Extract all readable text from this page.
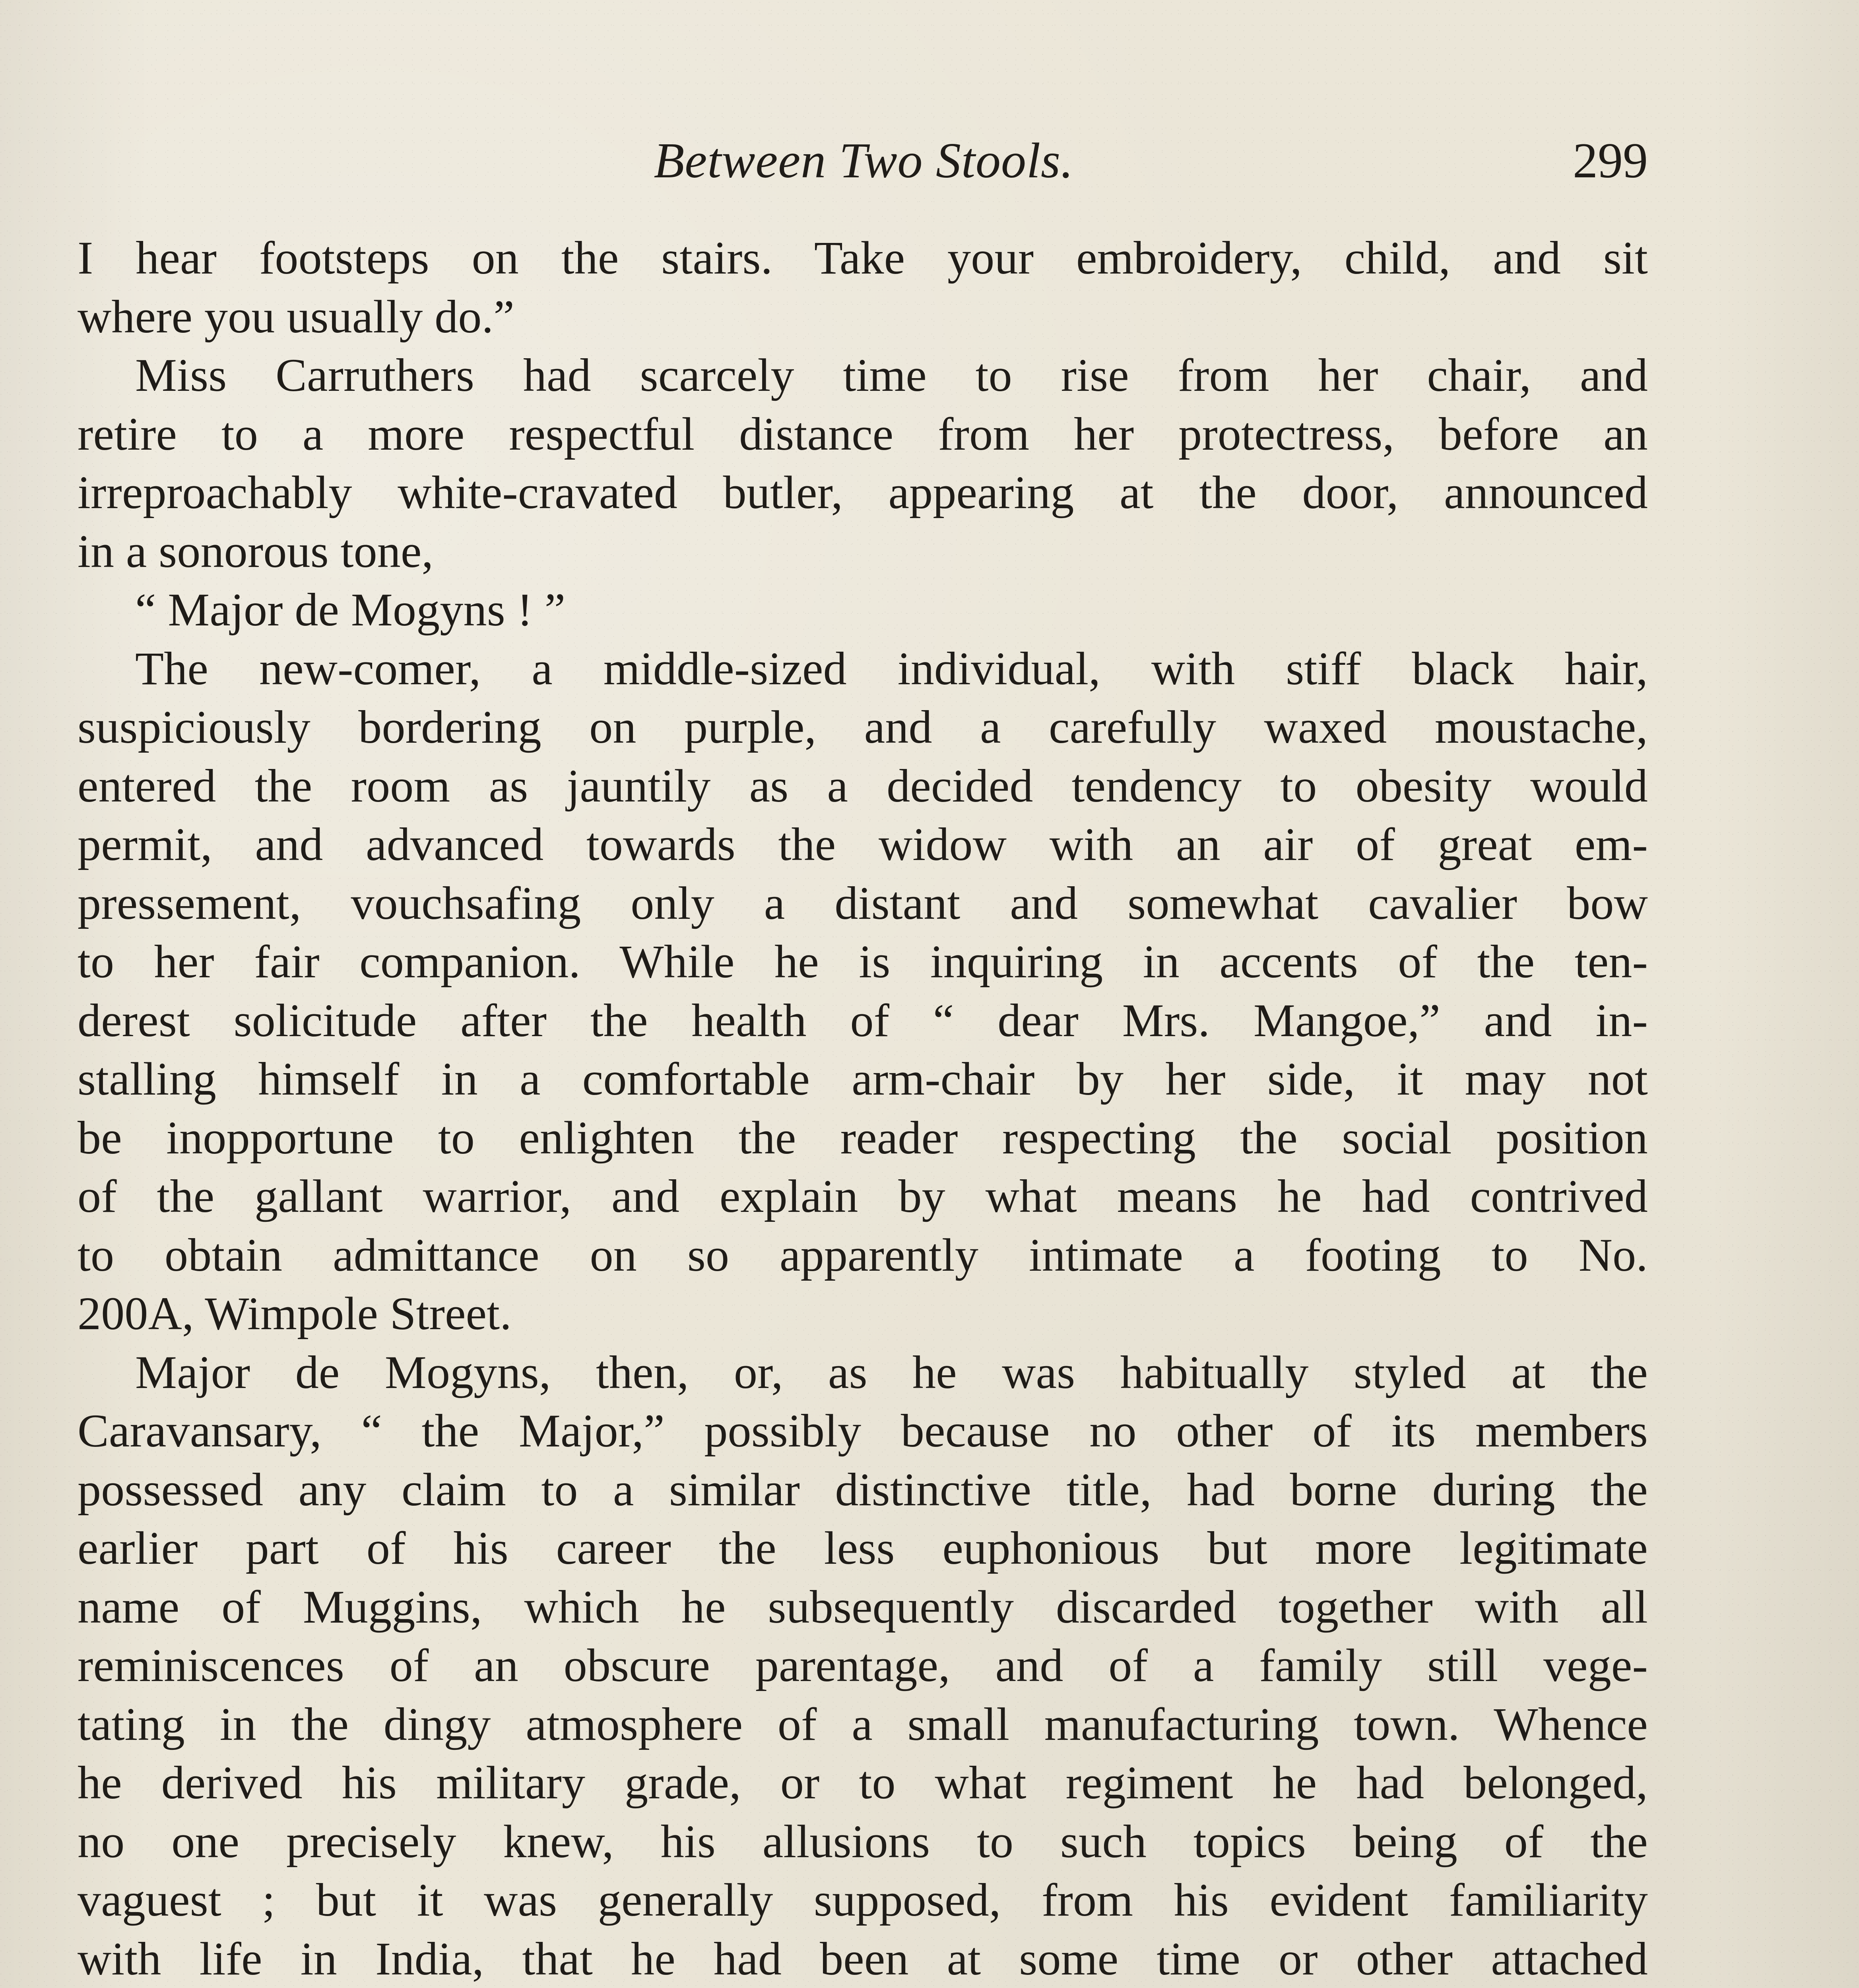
Between Two Stools.	299
I hear footsteps on the stairs. Take your embroidery, child, and sit
where you usually do.”
Miss Carruthers had scarcely time to rise from her chair, and
retire to a more respectful distance from her protectress, before an
irreproachably white-cravated butler, appearing at the door, announced
in a sonorous tone,
“ Major de Mogyns ! ”
The new-comer, a middle-sized individual, with stiff black hair,
suspiciously bordering on purple, and a carefully waxed moustache,
entered the room as jauntily as a decided tendency to obesity would
permit, and advanced towards the widow with an air of great em-
pressement, vouchsafing only a distant and somewhat cavalier bow
to her fair companion. While he is inquiring in accents of the ten-
derest solicitude after the health of “ dear Mrs. Mangoe,” and in-
stalling himself in a comfortable arm-chair by her side, it may not
be inopportune to enlighten the reader respecting the social position
of the gallant warrior, and explain by what means he had contrived
to obtain admittance on so apparently intimate a footing to No.
200A, Wimpole Street.
Major de Mogyns, then, or, as he was habitually styled at the
Caravansary, “ the Major,” possibly because no other of its members
possessed any claim to a similar distinctive title, had borne during the
earlier part of his career the less euphonious but more legitimate
name of Muggins, which he subsequently discarded together with all
reminiscences of an obscure parentage, and of a family still vege-
tating in the dingy atmosphere of a small manufacturing town. Whence
he derived his military grade, or to what regiment he had belonged,
no one precisely knew, his allusions to such topics being of the
vaguest ; but it was generally supposed, from his evident familiarity
with life in India, that he had been at some time or other attached
